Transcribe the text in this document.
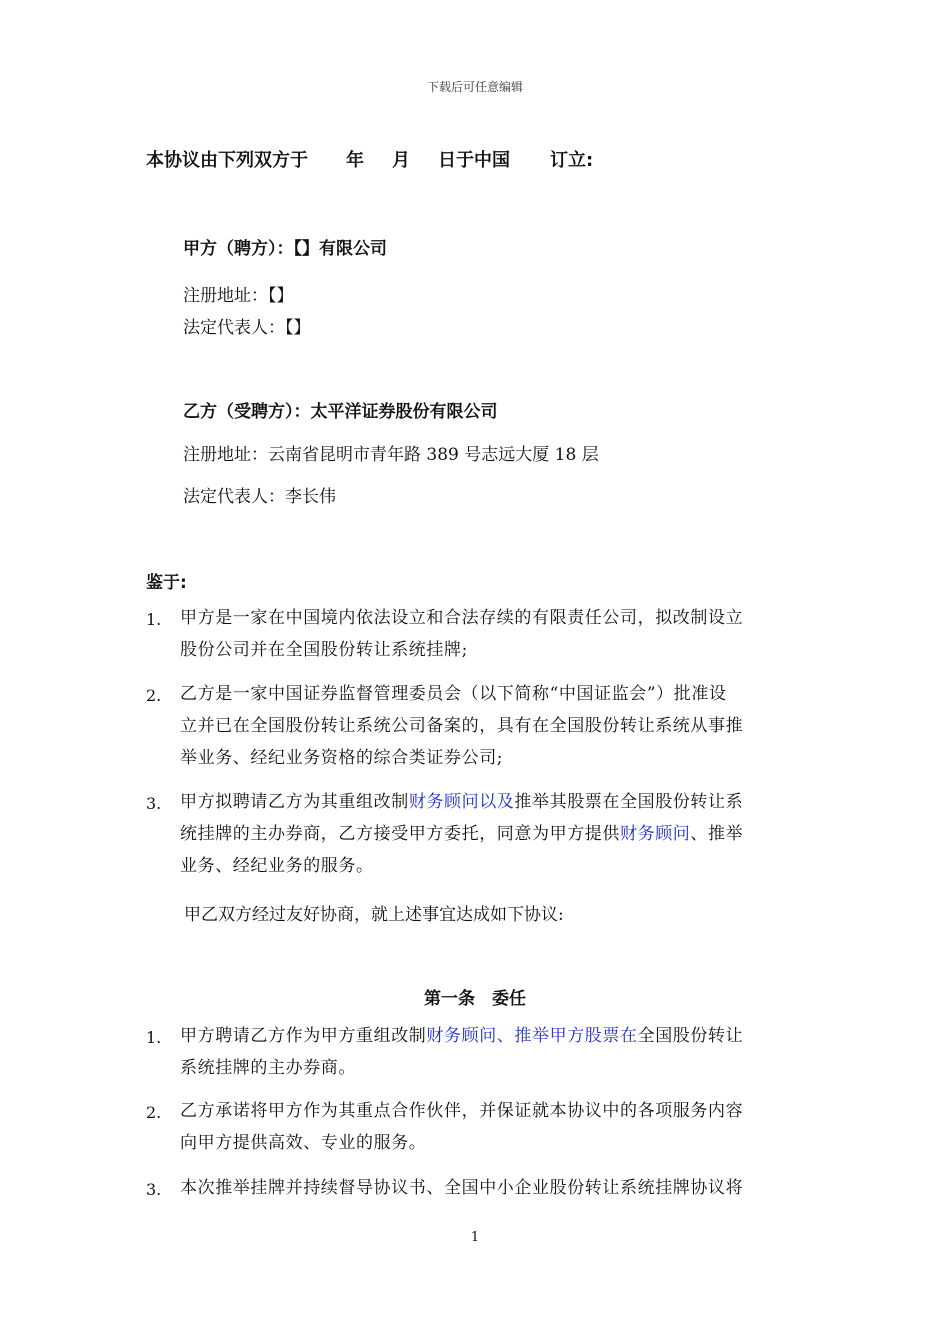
下载后可任意编辑
本协议由下列双方于 年 月 日于中国 订立:
甲方（聘方）：【】有限公司
注册地址：【】
法定代表人：【】
乙方（受聘方）：太平洋证券股份有限公司
注册地址：云南省昆明市青年路 389 号志远大厦 18 层
法定代表人：李长伟
鉴于:
1. 甲方是一家在中国境内依法设立和合法存续的有限责任公司，拟改制设立
股份公司并在全国股份转让系统挂牌;
2. 乙方是一家中国证券监督管理委员会（以下简称“中国证监会”）批准设
立并已在全国股份转让系统公司备案的，具有在全国股份转让系统从事推
举业务、经纪业务资格的综合类证券公司;
3. 甲方拟聘请乙方为其重组改制财务顾问以及推举其股票在全国股份转让系
统挂牌的主办券商，乙方接受甲方委托，同意为甲方提供财务顾问、推举
业务、经纪业务的服务。
甲乙双方经过友好协商，就上述事宜达成如下协议:
第一条　委任
1. 甲方聘请乙方作为甲方重组改制财务顾问、推举甲方股票在全国股份转让
系统挂牌的主办券商。
2. 乙方承诺将甲方作为其重点合作伙伴，并保证就本协议中的各项服务内容
向甲方提供高效、专业的服务。
3. 本次推举挂牌并持续督导协议书、全国中小企业股份转让系统挂牌协议将
1
